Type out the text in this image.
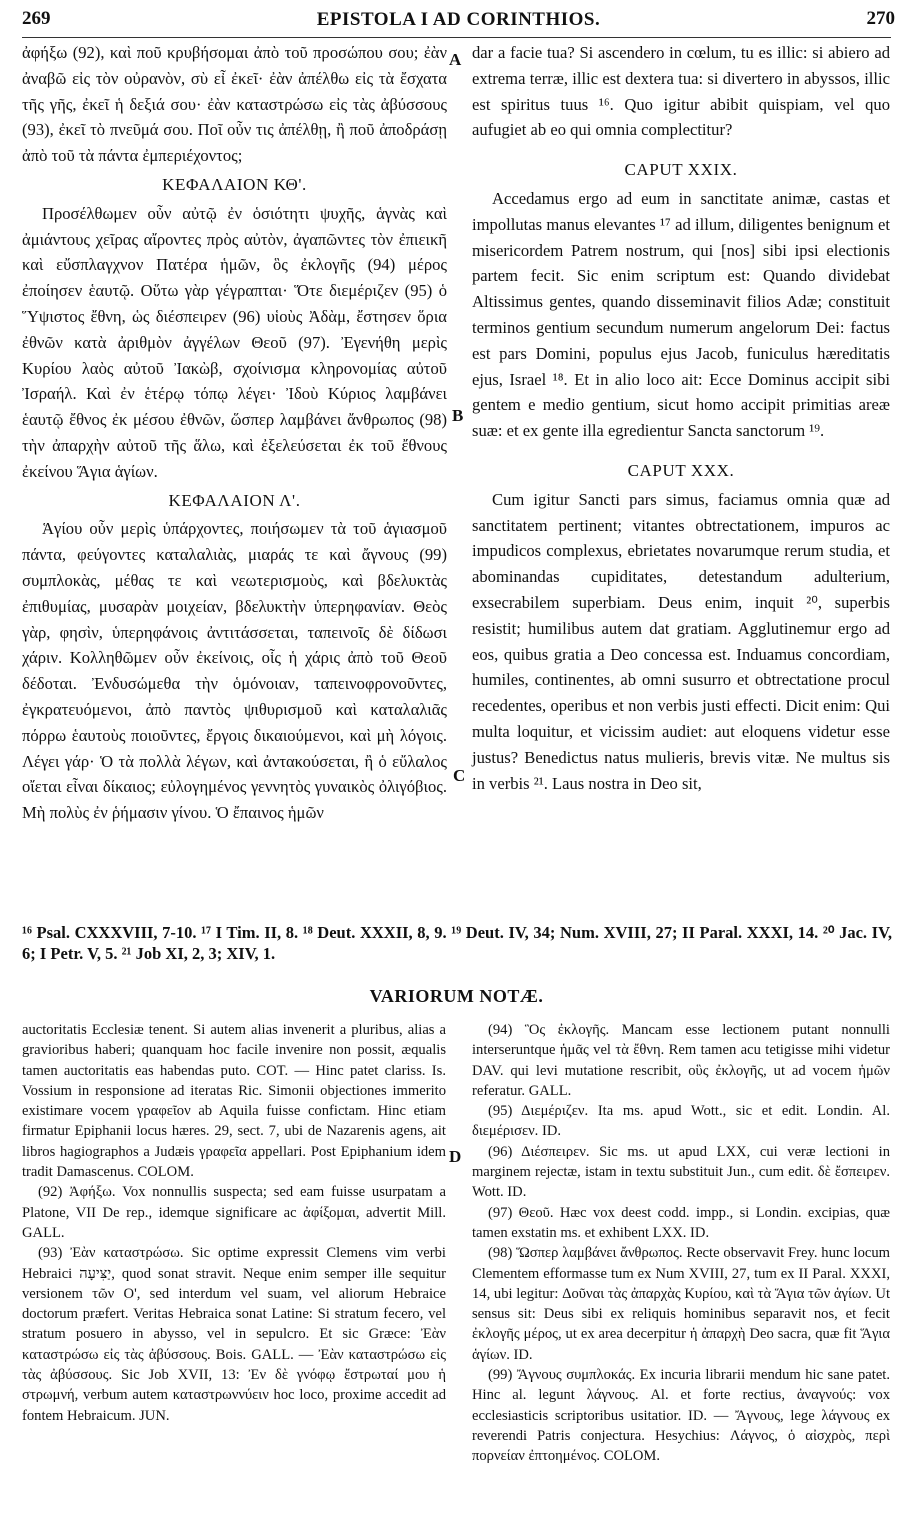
269	EPISTOLA I AD CORINTHIOS.	270

ἀφήξω (92), καὶ ποῦ κρυβήσομαι ἀπὸ τοῦ προσώπου σου; ἐὰν ἀναβῶ εἰς τὸν οὐρανὸν, σὺ εἶ ἐκεῖ· ἐὰν ἀπέλθω εἰς τὰ ἔσχατα τῆς γῆς, ἐκεῖ ἡ δεξιά σου· ἐὰν καταστρώσω εἰς τὰς ἀβύσσους (93), ἐκεῖ τὸ πνεῦμά σου. Ποῖ οὖν τις ἀπέλθῃ, ἢ ποῦ ἀποδράσῃ ἀπὸ τοῦ τὰ πάντα ἐμπεριέχοντος;

ΚΕΦΑΛΑΙΟΝ ΚΘ'.

Προσέλθωμεν οὖν αὐτῷ ἐν ὁσιότητι ψυχῆς, ἁγνὰς καὶ ἀμιάντους χεῖρας αἴροντες πρὸς αὐτὸν, ἀγαπῶντες τὸν ἐπιεικῆ καὶ εὔσπλαγχνον Πατέρα ἡμῶν, ὃς ἐκλογῆς (94) μέρος ἐποίησεν ἑαυτῷ. Οὕτω γὰρ γέγραπται· Ὅτε διεμέριζεν (95) ὁ Ὕψιστος ἔθνη, ὡς διέσπειρεν (96) υἱοὺς Ἀδὰμ, ἔστησεν ὅρια ἐθνῶν κατὰ ἀριθμὸν ἀγγέλων Θεοῦ (97). Ἐγενήθη μερὶς Κυρίου λαὸς αὐτοῦ Ἰακὼβ, σχοίνισμα κληρονομίας αὐτοῦ Ἰσραήλ. Καὶ ἐν ἑτέρῳ τόπῳ λέγει· Ἰδοὺ Κύριος λαμβάνει ἑαυτῷ ἔθνος ἐκ μέσου ἐθνῶν, ὥσπερ λαμβάνει ἄνθρωπος (98) τὴν ἀπαρχὴν αὐτοῦ τῆς ἅλω, καὶ ἐξελεύσεται ἐκ τοῦ ἔθνους ἐκείνου Ἅγια ἁγίων.

ΚΕΦΑΛΑΙΟΝ Λ'.

Ἁγίου οὖν μερὶς ὑπάρχοντες, ποιήσωμεν τὰ τοῦ ἁγιασμοῦ πάντα, φεύγοντες καταλαλιὰς, μιαράς τε καὶ ἄγνους (99) συμπλοκὰς, μέθας τε καὶ νεωτερισμοὺς, καὶ βδελυκτὰς ἐπιθυμίας, μυσαρὰν μοιχείαν, βδελυκτὴν ὑπερηφανίαν. Θεὸς γὰρ, φησὶν, ὑπερηφάνοις ἀντιτάσσεται, ταπεινοῖς δὲ δίδωσι χάριν. Κολληθῶμεν οὖν ἐκείνοις, οἷς ἡ χάρις ἀπὸ τοῦ Θεοῦ δέδοται. Ἐνδυσώμεθα τὴν ὁμόνοιαν, ταπεινοφρονοῦντες, ἐγκρατευόμενοι, ἀπὸ παντὸς ψιθυρισμοῦ καὶ καταλαλιᾶς πόρρω ἑαυτοὺς ποιοῦντες, ἔργοις δικαιούμενοι, καὶ μὴ λόγοις. Λέγει γάρ· Ὁ τὰ πολλὰ λέγων, καὶ ἀντακούσεται, ἢ ὁ εὔλαλος οἴεται εἶναι δίκαιος; εὐλογημένος γεννητὸς γυναικὸς ὀλιγόβιος. Μὴ πολὺς ἐν ῥήμασιν γίνου. Ὁ ἔπαινος ἡμῶν

dar a facie tua? Si ascendero in cœlum, tu es illic: si abiero ad extrema terræ, illic est dextera tua: si divertero in abyssos, illic est spiritus tuus ¹⁶. Quo igitur abibit quispiam, vel quo aufugiet ab eo qui omnia complectitur?

CAPUT XXIX.

Accedamus ergo ad eum in sanctitate animæ, castas et impollutas manus elevantes ¹⁷ ad illum, diligentes benignum et misericordem Patrem nostrum, qui [nos] sibi ipsi electionis partem fecit. Sic enim scriptum est: Quando dividebat Altissimus gentes, quando disseminavit filios Adæ; constituit terminos gentium secundum numerum angelorum Dei: factus est pars Domini, populus ejus Jacob, funiculus hæreditatis ejus, Israel ¹⁸. Et in alio loco ait: Ecce Dominus accipit sibi gentem e medio gentium, sicut homo accipit primitias areæ suæ: et ex gente illa egredientur Sancta sanctorum ¹⁹.

CAPUT XXX.

Cum igitur Sancti pars simus, faciamus omnia quæ ad sanctitatem pertinent; vitantes obtrectationem, impuros ac impudicos complexus, ebrietates novarumque rerum studia, et abominandas cupiditates, detestandum adulterium, exsecrabilem superbiam. Deus enim, inquit ²⁰, superbis resistit; humilibus autem dat gratiam. Agglutinemur ergo ad eos, quibus gratia a Deo concessa est. Induamus concordiam, humiles, continentes, ab omni susurro et obtrectatione procul recedentes, operibus et non verbis justi effecti. Dicit enim: Qui multa loquitur, et vicissim audiet: aut eloquens videtur esse justus? Benedictus natus mulieris, brevis vitæ. Ne multus sis in verbis ²¹. Laus nostra in Deo sit,

A
B
C
D
¹⁶ Psal. CXXXVIII, 7-10. ¹⁷ I Tim. II, 8. ¹⁸ Deut. XXXII, 8, 9. ¹⁹ Deut. IV, 34; Num. XVIII, 27; II Paral. XXXI, 14. ²⁰ Jac. IV, 6; I Petr. V, 5. ²¹ Job XI, 2, 3; XIV, 1.
VARIORUM NOTÆ.

auctoritatis Ecclesiæ tenent. Si autem alias invenerit a pluribus, alias a gravioribus haberi; quanquam hoc facile invenire non possit, æqualis tamen auctoritatis eas habendas puto. COT. — Hinc patet clariss. Is. Vossium in responsione ad iteratas Ric. Simonii objectiones immerito existimare vocem γραφεῖον ab Aquila fuisse confictam. Hinc etiam firmatur Epiphanii locus hæres. 29, sect. 7, ubi de Nazarenis agens, ait libros hagiographos a Judæis γραφεῖα appellari. Post Epiphanium idem tradit Damascenus. COLOM.

(92) Ἀφήξω. Vox nonnullis suspecta; sed eam fuisse usurpatam a Platone, VII De rep., idemque significare ac ἀφίξομαι, advertit Mill. GALL.

(93) Ἐὰν καταστρώσω. Sic optime expressit Clemens vim verbi Hebraici יַצִּיעָה, quod sonat stravit. Neque enim semper ille sequitur versionem τῶν Ο', sed interdum vel suam, vel aliorum Hebraice doctorum præfert. Veritas Hebraica sonat Latine: Si stratum fecero, vel stratum posuero in abysso, vel in sepulcro. Et sic Græce: Ἐὰν καταστρώσω εἰς τὰς ἀβύσσους. Bois. GALL. — Ἐὰν καταστρώσω εἰς τὰς ἀβύσσους. Sic Job XVII, 13: Ἐν δὲ γνόφῳ ἔστρωταί μου ἡ στρωμνή, verbum autem καταστρωννύειν hoc loco, proxime accedit ad fontem Hebraicum. JUN.

(94) Ὃς ἐκλογῆς. Mancam esse lectionem putant nonnulli interseruntque ἡμᾶς vel τὰ ἔθνη. Rem tamen acu tetigisse mihi videtur DAV. qui levi mutatione rescribit, οὓς ἐκλογῆς, ut ad vocem ἡμῶν referatur. GALL.

(95) Διεμέριζεν. Ita ms. apud Wott., sic et edit. Londin. Al. διεμέρισεν. ID.

(96) Διέσπειρεν. Sic ms. ut apud LXX, cui veræ lectioni in marginem rejectæ, istam in textu substituit Jun., cum edit. δὲ ἔσπειρεν. Wott. ID.

(97) Θεοῦ. Hæc vox deest codd. impp., si Londin. excipias, quæ tamen exstatin ms. et exhibent LXX. ID.

(98) Ὥσπερ λαμβάνει ἄνθρωπος. Recte observavit Frey. hunc locum Clementem efformasse tum ex Num XVIII, 27, tum ex II Paral. XXXI, 14, ubi legitur: Δοῦναι τὰς ἀπαρχὰς Κυρίου, καὶ τὰ Ἅγια τῶν ἁγίων. Ut sensus sit: Deus sibi ex reliquis hominibus separavit nos, et fecit ἐκλογῆς μέρος, ut ex area decerpitur ἡ ἀπαρχὴ Deo sacra, quæ fit Ἅγια ἁγίων. ID.

(99) Ἄγνους συμπλοκάς. Ex incuria librarii mendum hic sane patet. Hinc al. legunt λάγνους. Al. et forte rectius, ἀναγνούς: vox ecclesiasticis scriptoribus usitatior. ID. — Ἄγνους, lege λάγνους ex reverendi Patris conjectura. Hesychius: Λάγνος, ὁ αἰσχρὸς, περὶ πορνείαν ἐπτοημένος. COLOM.
